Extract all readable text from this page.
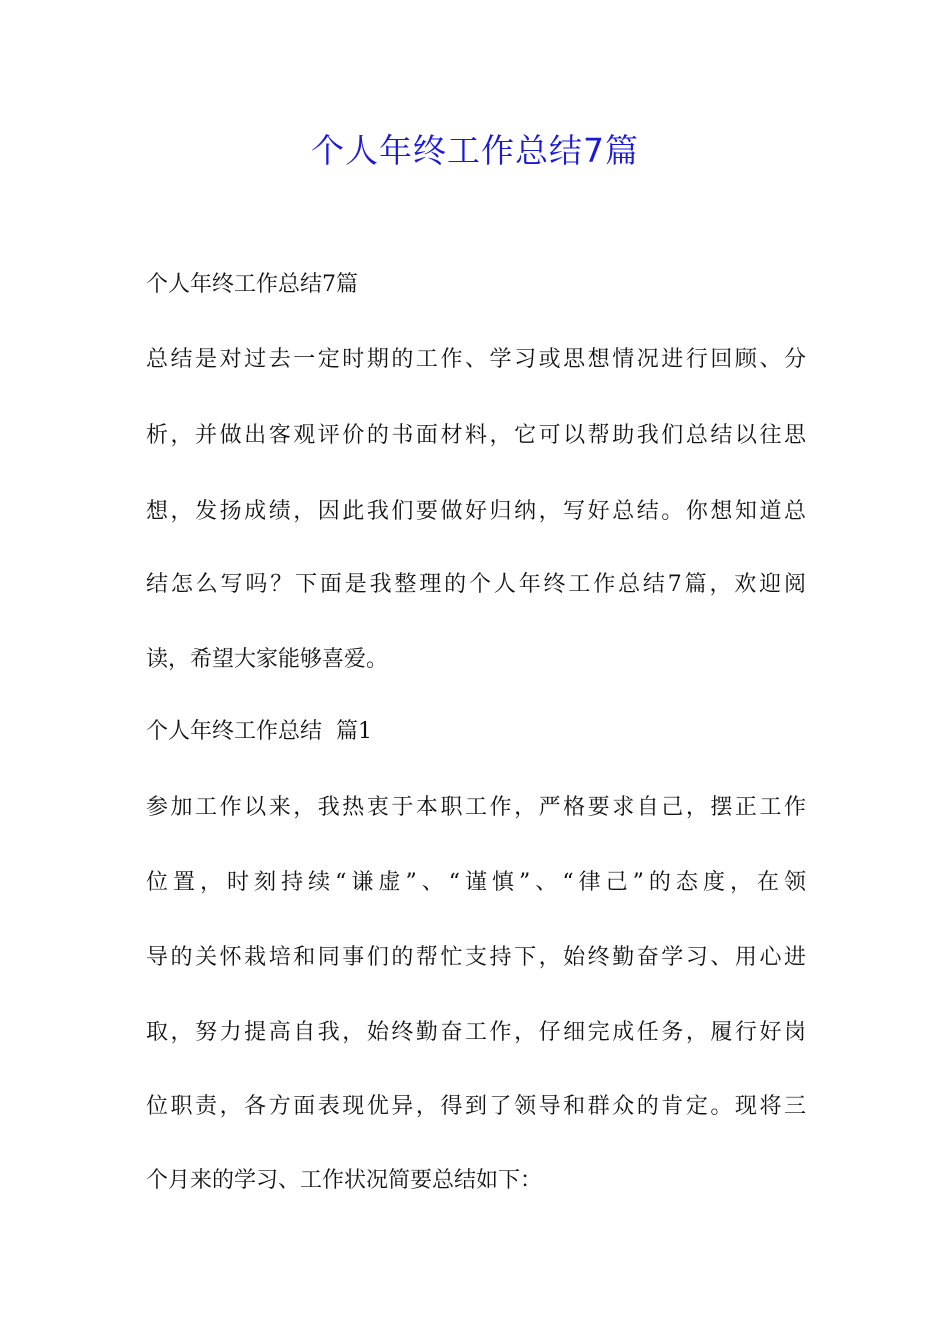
个人年终工作总结7篇
个人年终工作总结7篇
总结是对过去一定时期的工作、学习或思想情况进行回顾、分
析，并做出客观评价的书面材料，它可以帮助我们总结以往思
想，发扬成绩，因此我们要做好归纳，写好总结。你想知道总
结怎么写吗？下面是我整理的个人年终工作总结7篇，欢迎阅
读，希望大家能够喜爱。
个人年终工作总结  篇1
参加工作以来，我热衷于本职工作，严格要求自己，摆正工作
位置，时刻持续“谦虚”、“谨慎”、“律己”的态度，在领
导的关怀栽培和同事们的帮忙支持下，始终勤奋学习、用心进
取，努力提高自我，始终勤奋工作，仔细完成任务，履行好岗
位职责，各方面表现优异，得到了领导和群众的肯定。现将三
个月来的学习、工作状况简要总结如下：
